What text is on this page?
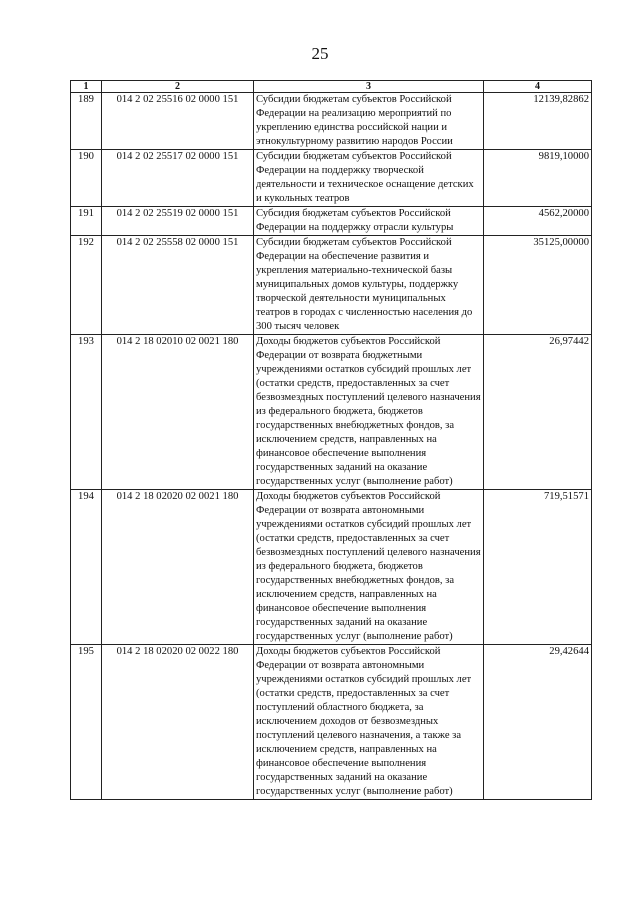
25
1	2	3	4
189	014 2 02 25516 02 0000 151	Субсидии бюджетам субъектов Российской Федерации на реализацию мероприятий по укреплению единства российской нации и этнокультурному развитию народов России	12139,82862
190	014 2 02 25517 02 0000 151	Субсидии бюджетам субъектов Российской Федерации на поддержку творческой деятельности и техническое оснащение детских и кукольных театров	9819,10000
191	014 2 02 25519 02 0000 151	Субсидия бюджетам субъектов Российской Федерации на поддержку отрасли культуры	4562,20000
192	014 2 02 25558 02 0000 151	Субсидии бюджетам субъектов Российской Федерации на обеспечение развития и укрепления материально-технической базы муниципальных домов культуры, поддержку творческой деятельности муниципальных театров в городах с численностью населения до 300 тысяч человек	35125,00000
193	014 2 18 02010 02 0021 180	Доходы бюджетов субъектов Российской Федерации от возврата бюджетными учреждениями остатков субсидий прошлых лет (остатки средств, предоставленных за счет безвозмездных поступлений целевого назначения из федерального бюджета, бюджетов государственных внебюджетных фондов, за исключением средств, направленных на финансовое обеспечение выполнения государственных заданий на оказание государственных услуг (выполнение работ)	26,97442
194	014 2 18 02020 02 0021 180	Доходы бюджетов субъектов Российской Федерации от возврата автономными учреждениями остатков субсидий прошлых лет (остатки средств, предоставленных за счет безвозмездных поступлений целевого назначения из федерального бюджета, бюджетов государственных внебюджетных фондов, за исключением средств, направленных на финансовое обеспечение выполнения государственных заданий на оказание государственных услуг (выполнение работ)	719,51571
195	014 2 18 02020 02 0022 180	Доходы бюджетов субъектов Российской Федерации от возврата автономными учреждениями остатков субсидий прошлых лет (остатки средств, предоставленных за счет поступлений областного бюджета, за исключением доходов от безвозмездных поступлений целевого назначения, а также за исключением средств, направленных на финансовое обеспечение выполнения государственных заданий на оказание государственных услуг (выполнение работ)	29,42644
